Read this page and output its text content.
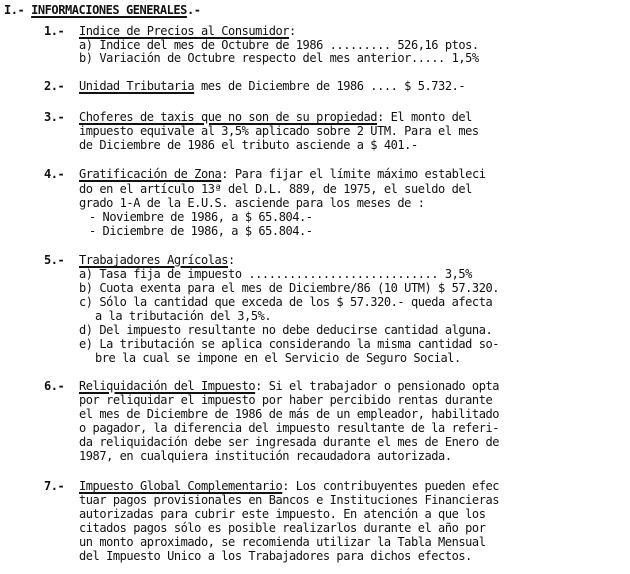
I.- INFORMACIONES GENERALES.-
1.- Indice de Precios al Consumidor:
a) Indice del mes de Octubre de 1986 ......... 526,16 ptos.
b) Variación de Octubre respecto del mes anterior..... 1,5%
2.- Unidad Tributaria mes de Diciembre de 1986 .... $ 5.732.-
3.- Choferes de taxis que no son de su propiedad: El monto del
impuesto equivale al 3,5% aplicado sobre 2 UTM. Para el mes
de Diciembre de 1986 el tributo asciende a $ 401.-
4.- Gratificación de Zona: Para fijar el límite máximo estableci
do en el artículo 13ª del D.L. 889, de 1975, el sueldo del
grado 1-A de la E.U.S. asciende para los meses de :
- Noviembre de 1986, a $ 65.804.-
- Diciembre de 1986, a $ 65.804.-
5.- Trabajadores Agrícolas:
a) Tasa fija de impuesto ............................ 3,5%
b) Cuota exenta para el mes de Diciembre/86 (10 UTM) $ 57.320.
c) Sólo la cantidad que exceda de los $ 57.320.- queda afecta
a la tributación del 3,5%.
d) Del impuesto resultante no debe deducirse cantidad alguna.
e) La tributación se aplica considerando la misma cantidad so-
bre la cual se impone en el Servicio de Seguro Social.
6.- Reliquidación del Impuesto: Si el trabajador o pensionado opta
por reliquidar el impuesto por haber percibido rentas durante
el mes de Diciembre de 1986 de más de un empleador, habilitado
o pagador, la diferencia del impuesto resultante de la referi-
da reliquidación debe ser ingresada durante el mes de Enero de
1987, en cualquiera institución recaudadora autorizada.
7.- Impuesto Global Complementario: Los contribuyentes pueden efec
tuar pagos provisionales en Bancos e Instituciones Financieras
autorizadas para cubrir este impuesto. En atención a que los
citados pagos sólo es posible realizarlos durante el año por
un monto aproximado, se recomienda utilizar la Tabla Mensual
del Impuesto Unico a los Trabajadores para dichos efectos.
